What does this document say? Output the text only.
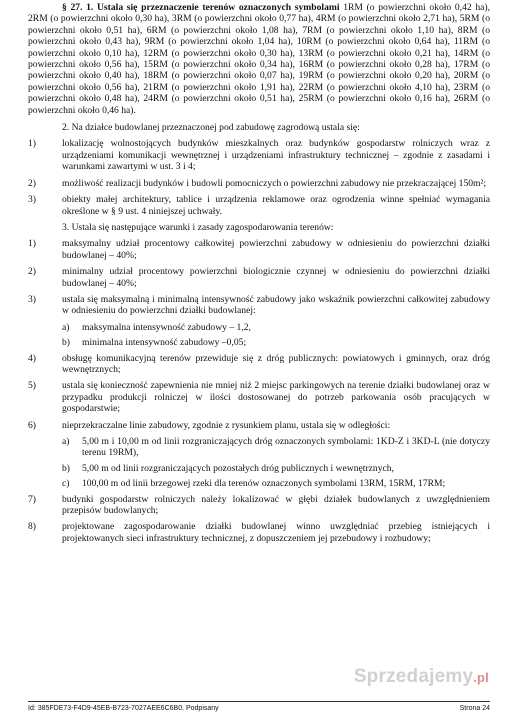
§ 27. 1. Ustala się przeznaczenie terenów oznaczonych symbolami 1RM (o powierzchni około 0,42 ha), 2RM (o powierzchni około 0,30 ha), 3RM (o powierzchni około 0,77 ha), 4RM (o powierzchni około 2,71 ha), 5RM (o powierzchni około 0,51 ha), 6RM (o powierzchni około 1,08 ha), 7RM (o powierzchni około 1,10 ha), 8RM (o powierzchni około 0,43 ha), 9RM (o powierzchni około 1,04 ha), 10RM (o powierzchni około 0,64 ha), 11RM (o powierzchni około 0,10 ha), 12RM (o powierzchni około 0,30 ha), 13RM (o powierzchni około 0,21 ha), 14RM (o powierzchni około 0,56 ha), 15RM (o powierzchni około 0,34 ha), 16RM (o powierzchni około 0,28 ha), 17RM (o powierzchni około 0,40 ha), 18RM (o powierzchni około 0,07 ha), 19RM (o powierzchni około 0,20 ha), 20RM (o powierzchni około 0,56 ha), 21RM (o powierzchni około 1,91 ha), 22RM (o powierzchni około 4,10 ha), 23RM (o powierzchni około 0,48 ha), 24RM (o powierzchni około 0,51 ha), 25RM (o powierzchni około 0,16 ha), 26RM (o powierzchni około 0,46 ha).

2. Na działce budowlanej przeznaczonej pod zabudowę zagrodową ustala się:

1)	lokalizację wolnostojących budynków mieszkalnych oraz budynków gospodarstw rolniczych wraz z urządzeniami komunikacji wewnętrznej i urządzeniami infrastruktury technicznej – zgodnie z zasadami i warunkami zawartymi w ust. 3 i 4;
2)	możliwość realizacji budynków i budowli pomocniczych o powierzchni zabudowy nie przekraczającej 150m²;
3)	obiekty małej architektury, tablice i urządzenia reklamowe oraz ogrodzenia winne spełniać wymagania określone w § 9 ust. 4 niniejszej uchwały.

3. Ustala się następujące warunki i zasady zagospodarowania terenów:

1)	maksymalny udział procentowy całkowitej powierzchni zabudowy w odniesieniu do powierzchni działki budowlanej – 40%;
2)	minimalny udział procentowy powierzchni biologicznie czynnej w odniesieniu do powierzchni działki budowlanej – 40%;
3)	ustala się maksymalną i minimalną intensywność zabudowy jako wskaźnik powierzchni całkowitej zabudowy w odniesieniu do powierzchni działki budowlanej:
a)	maksymalna intensywność zabudowy – 1,2,
b)	minimalna intensywność zabudowy –0,05;
4)	obsługę komunikacyjną terenów przewiduje się z dróg publicznych: powiatowych i gminnych, oraz dróg wewnętrznych;
5)	ustala się konieczność zapewnienia nie mniej niż 2 miejsc parkingowych na terenie działki budowlanej oraz w przypadku produkcji rolniczej w ilości dostosowanej do potrzeb parkowania osób pracujących w gospodarstwie;
6)	nieprzekraczalne linie zabudowy, zgodnie z rysunkiem planu, ustala się w odległości:
a)	5,00 m i 10,00 m od linii rozgraniczających dróg oznaczonych symbolami: 1KD-Z i 3KD-L (nie dotyczy terenu 19RM),
b)	5,00 m od linii rozgraniczających pozostałych dróg publicznych i wewnętrznych,
c)	100,00 m od linii brzegowej rzeki dla terenów oznaczonych symbolami 13RM, 15RM, 17RM;
7)	budynki gospodarstw rolniczych należy lokalizować w głębi działek budowlanych z uwzględnieniem przepisów budowlanych;
8)	projektowane zagospodarowanie działki budowlanej winno uwzględniać przebieg istniejących i projektowanych sieci infrastruktury technicznej, z dopuszczeniem jej przebudowy i rozbudowy;
Sprzedajemy.pl
Id: 385FDE73-F4D9-45EB-B723-7027AEE6C6B0. Podpisany	Strona 24
